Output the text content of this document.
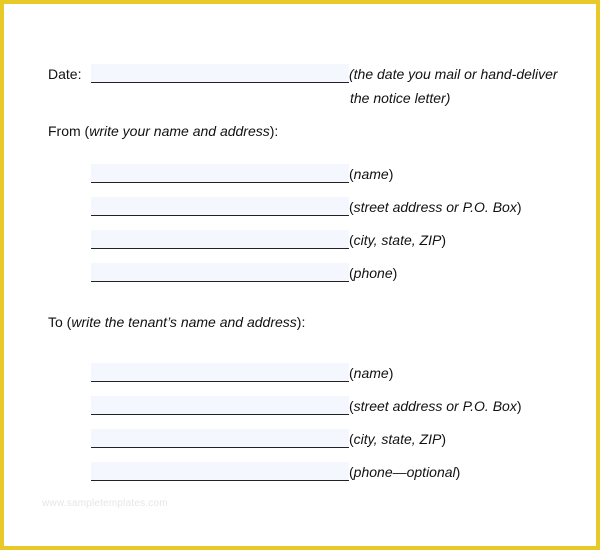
Date:	(the date you mail or hand-deliver
the notice letter)
From ( write your name and address ):
( name )
( street address or P.O. Box )
( city, state, ZIP )
( phone )
To ( write the tenant’s name and address ):
( name )
( street address or P.O. Box )
( city, state, ZIP )
( phone—optional )
www.sampletemplates.com
